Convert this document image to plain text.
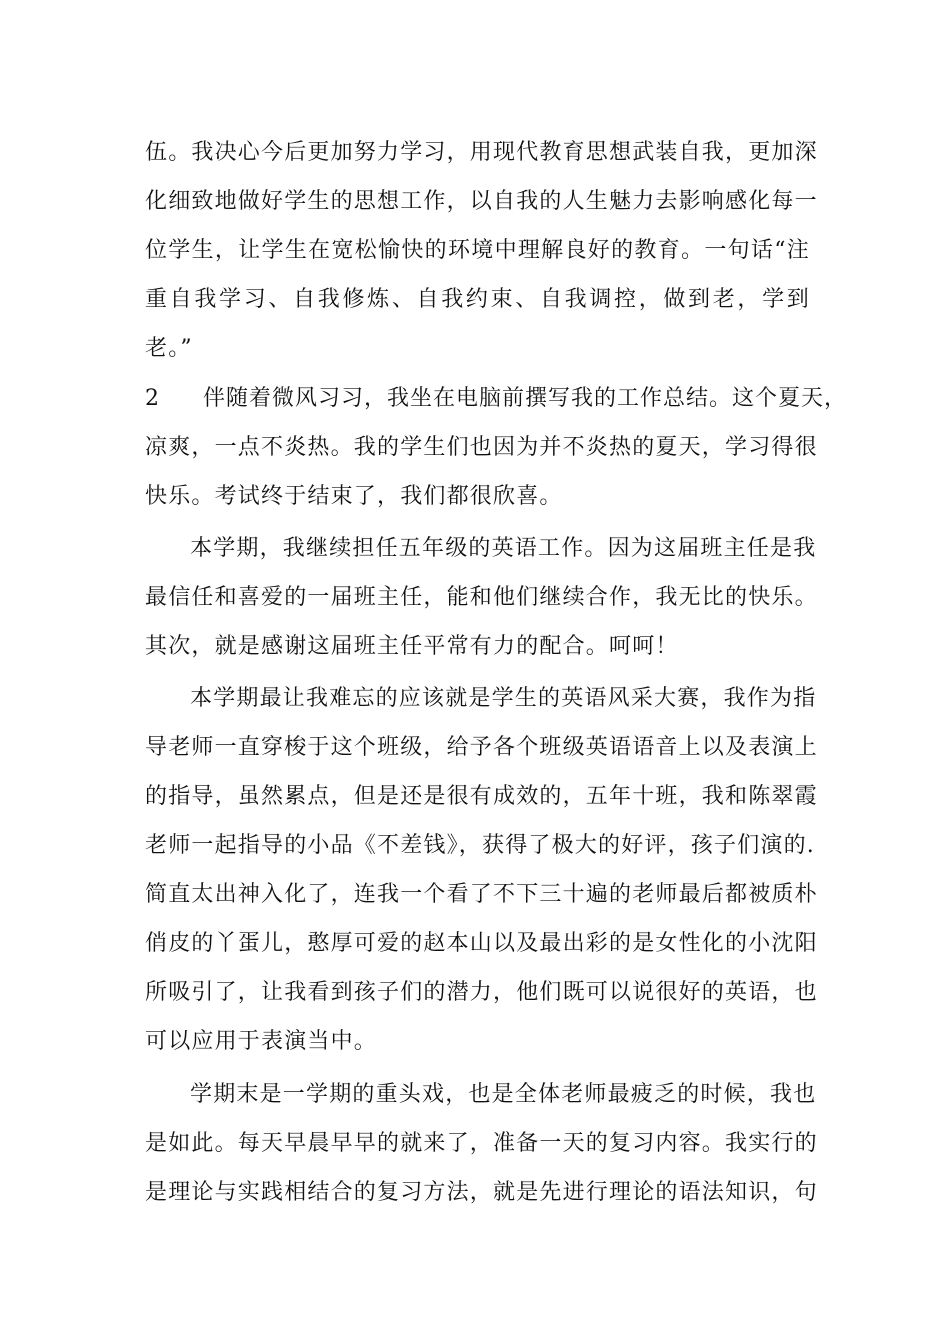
伍。我决心今后更加努力学习，用现代教育思想武装自我，更加深
化细致地做好学生的思想工作，以自我的人生魅力去影响感化每一
位学生，让学生在宽松愉快的环境中理解良好的教育。一句话“注
重自我学习、自我修炼、自我约束、自我调控，做到老，学到
老。”
2 伴随着微风习习，我坐在电脑前撰写我的工作总结。这个夏天，
凉爽，一点不炎热。我的学生们也因为并不炎热的夏天，学习得很
快乐。考试终于结束了，我们都很欣喜。
本学期，我继续担任五年级的英语工作。因为这届班主任是我
最信任和喜爱的一届班主任，能和他们继续合作，我无比的快乐。
其次，就是感谢这届班主任平常有力的配合。呵呵！
本学期最让我难忘的应该就是学生的英语风采大赛，我作为指
导老师一直穿梭于这个班级，给予各个班级英语语音上以及表演上
的指导，虽然累点，但是还是很有成效的，五年十班，我和陈翠霞
老师一起指导的小品《不差钱》，获得了极大的好评，孩子们演的.
简直太出神入化了，连我一个看了不下三十遍的老师最后都被质朴
俏皮的丫蛋儿，憨厚可爱的赵本山以及最出彩的是女性化的小沈阳
所吸引了，让我看到孩子们的潜力，他们既可以说很好的英语，也
可以应用于表演当中。
学期末是一学期的重头戏，也是全体老师最疲乏的时候，我也
是如此。每天早晨早早的就来了，准备一天的复习内容。我实行的
是理论与实践相结合的复习方法，就是先进行理论的语法知识，句
